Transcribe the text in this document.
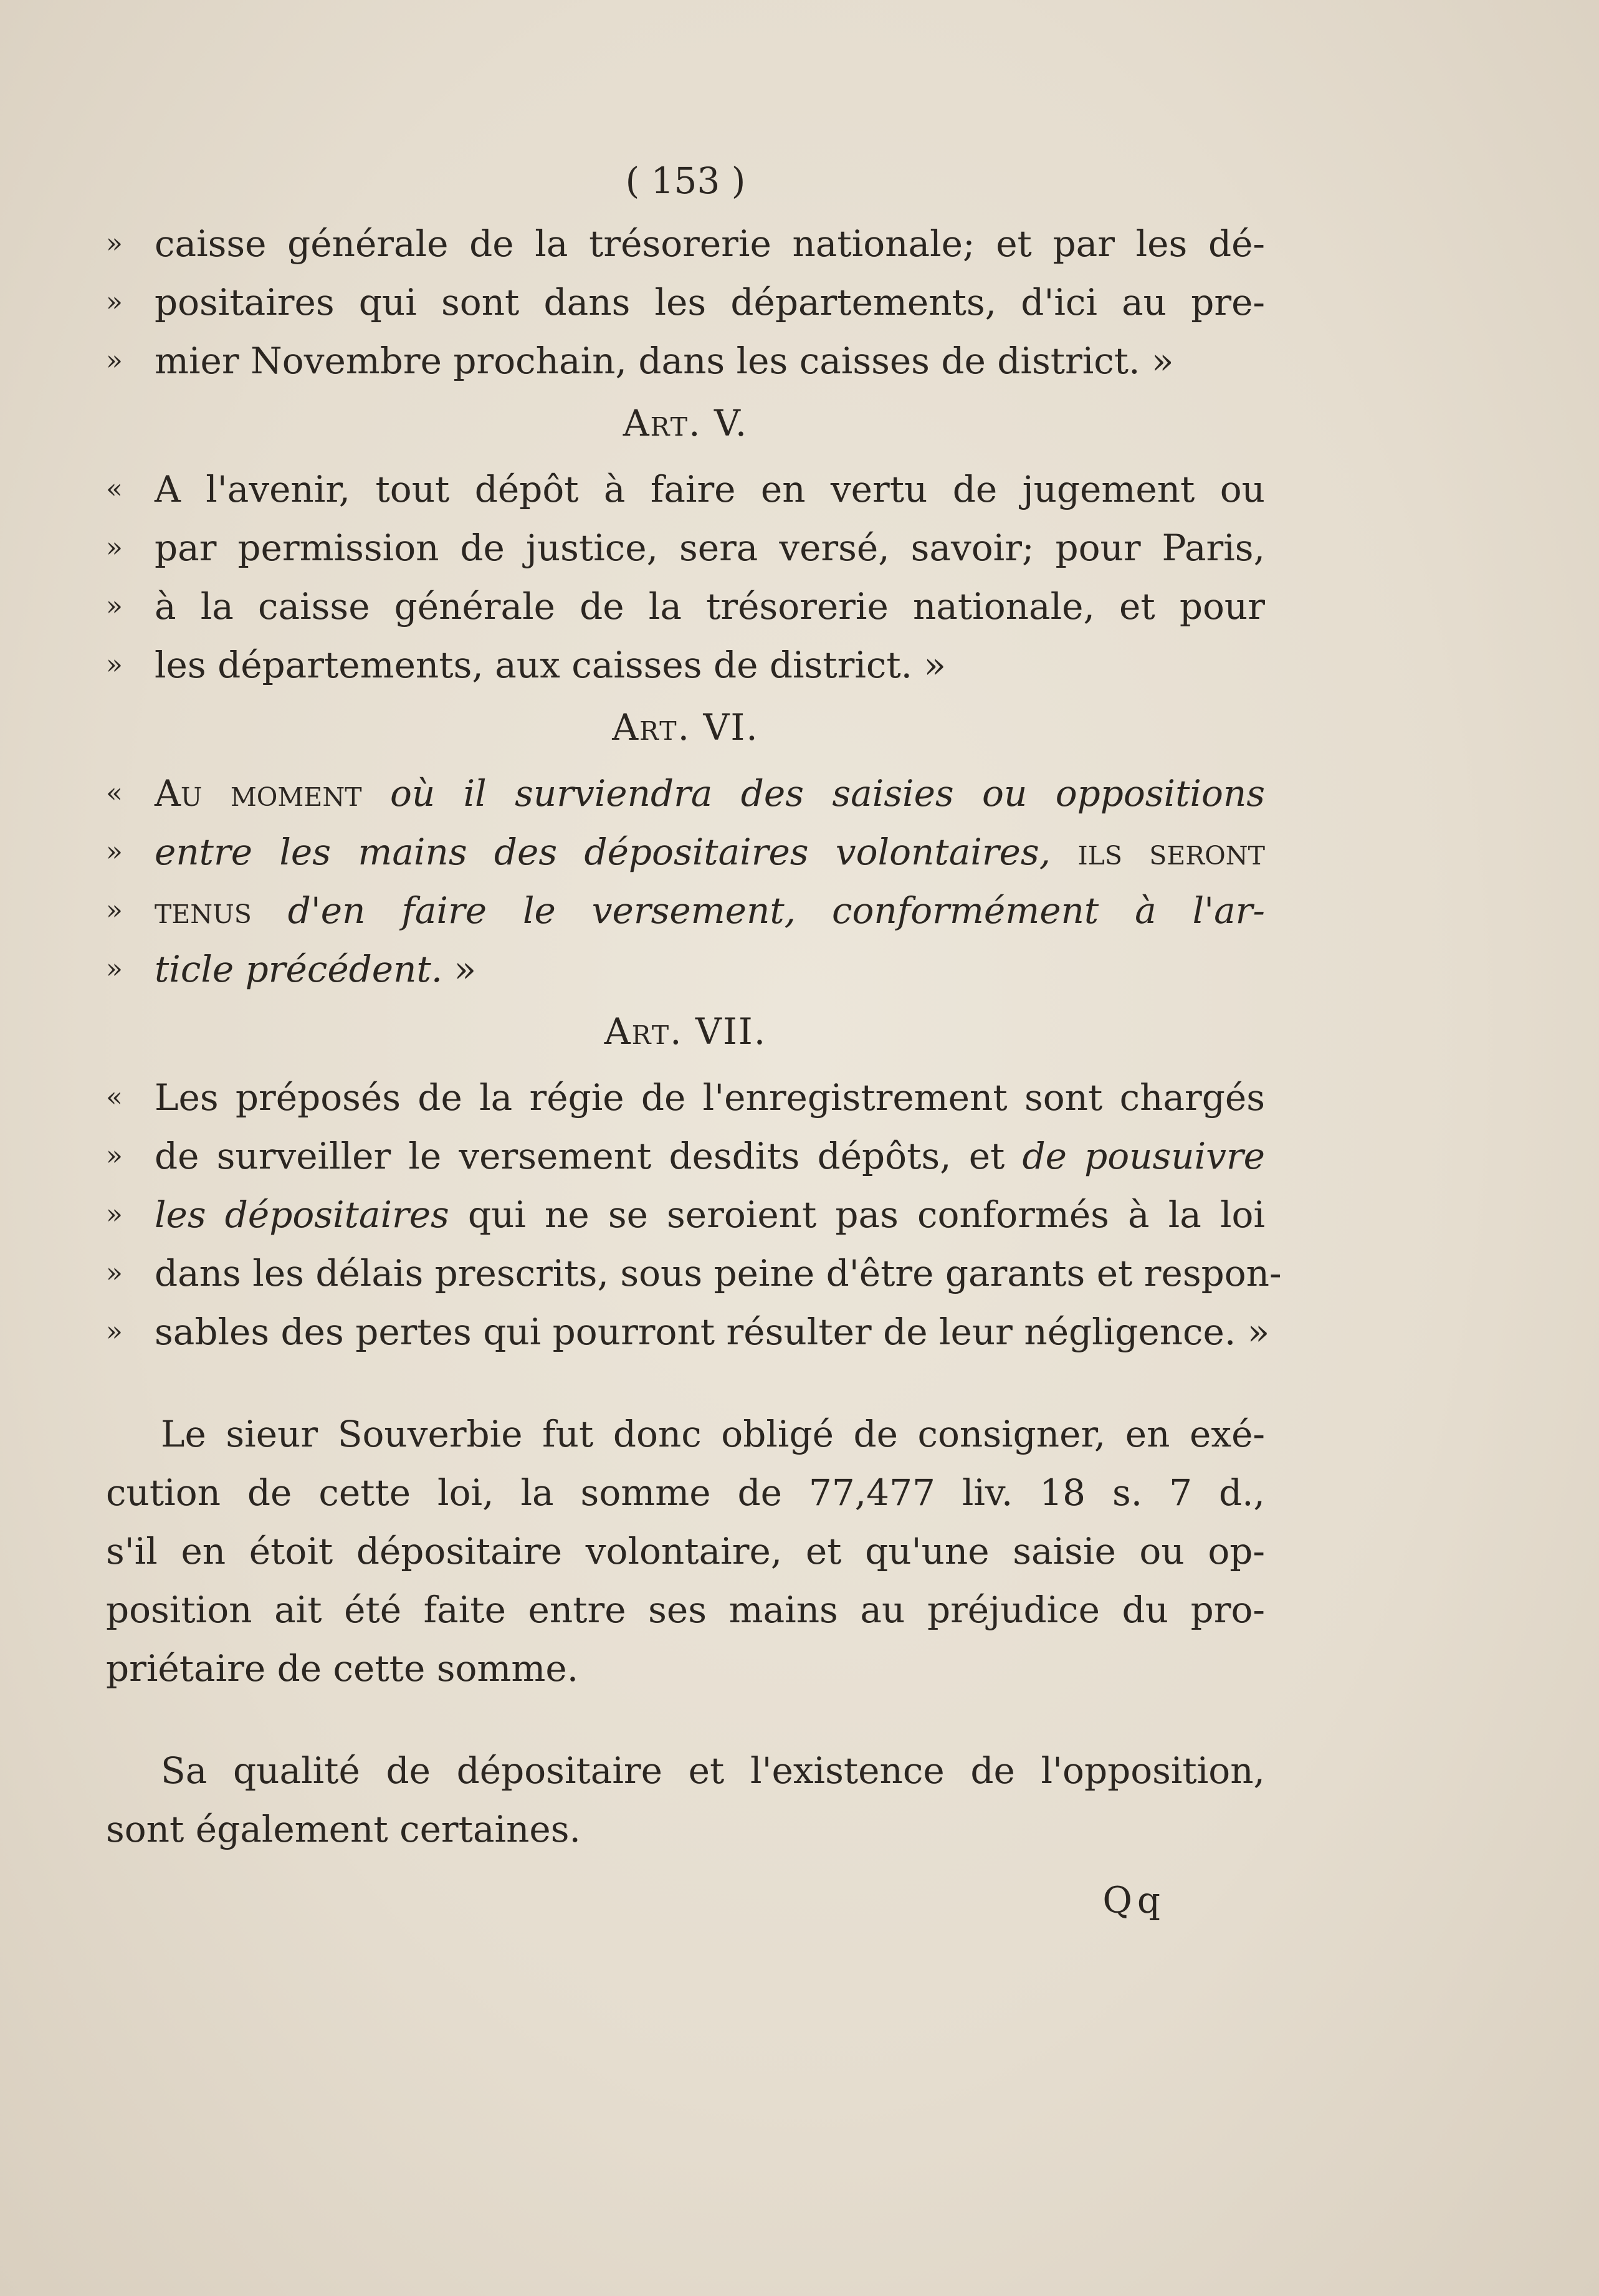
( 153 )
» caisse générale de la trésorerie nationale; et par les dé-
» positaires qui sont dans les départements, d'ici au pre-
» mier Novembre prochain, dans les caisses de district. »
Art. V.
« A l'avenir, tout dépôt à faire en vertu de jugement ou
» par permission de justice, sera versé, savoir; pour Paris,
» à la caisse générale de la trésorerie nationale, et pour
» les départements, aux caisses de district. »
Art. VI.
« Au moment où il surviendra des saisies ou oppositions
» entre les mains des dépositaires volontaires, ils seront
» tenus d'en faire le versement, conformément à l'ar-
» ticle précédent. »
Art. VII.
« Les préposés de la régie de l'enregistrement sont chargés
» de surveiller le versement desdits dépôts, et de pousuivre
» les dépositaires qui ne se seroient pas conformés à la loi
» dans les délais prescrits, sous peine d'être garants et respon-
» sables des pertes qui pourront résulter de leur négligence. »
Le sieur Souverbie fut donc obligé de consigner, en exé-
cution de cette loi, la somme de 77,477 liv. 18 s. 7 d.,
s'il en étoit dépositaire volontaire, et qu'une saisie ou op-
position ait été faite entre ses mains au préjudice du pro-
priétaire de cette somme.
Sa qualité de dépositaire et l'existence de l'opposition,
sont également certaines.
Qq
